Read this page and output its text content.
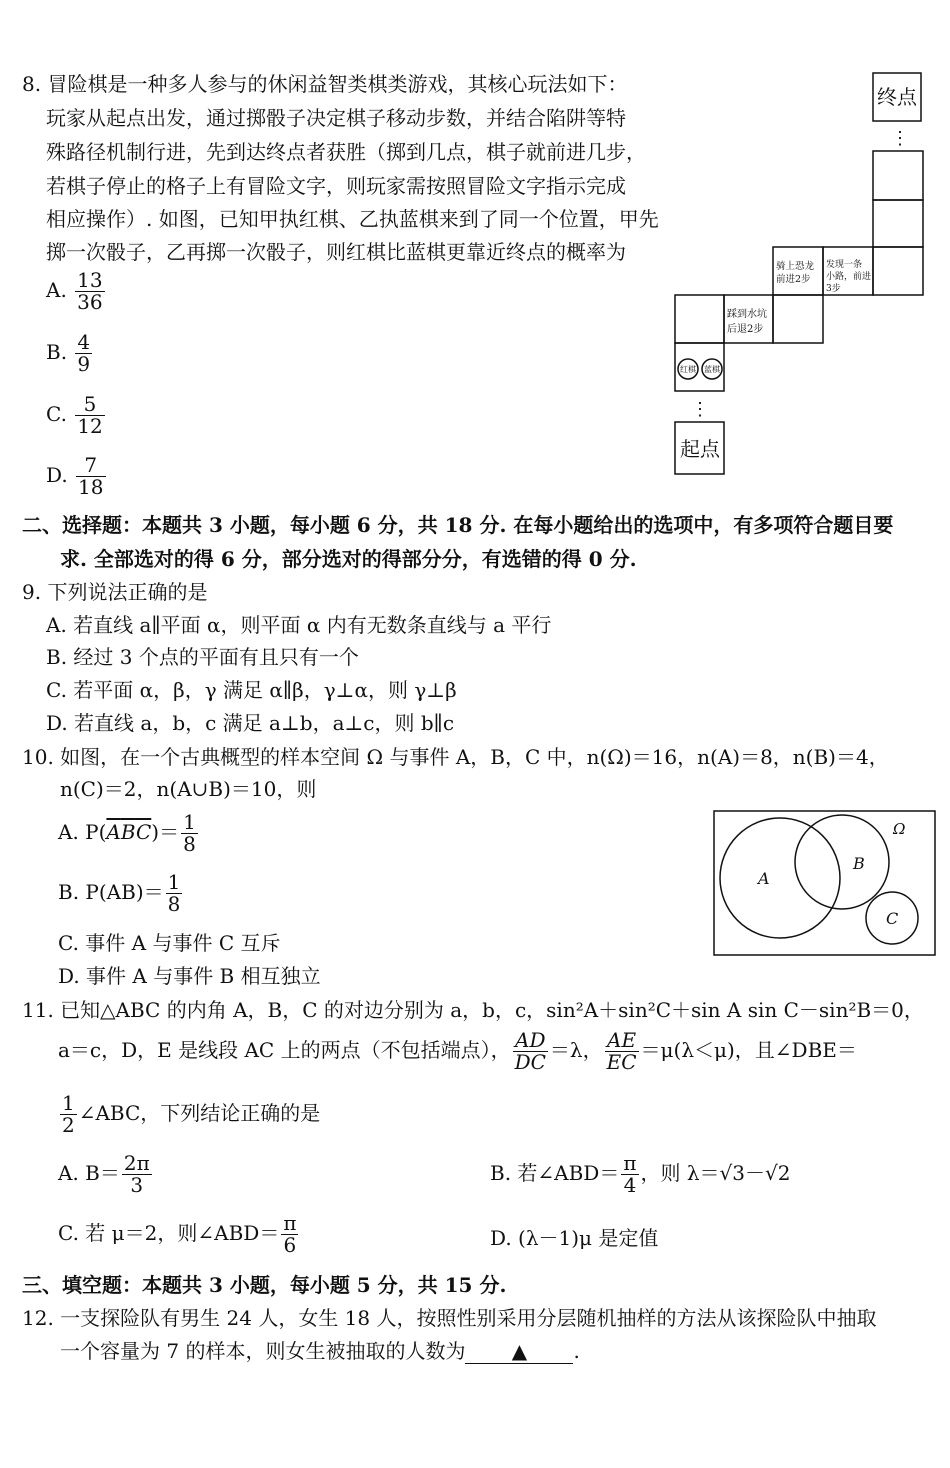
8. 冒险棋是一种多人参与的休闲益智类棋类游戏，其核心玩法如下：
玩家从起点出发，通过掷骰子决定棋子移动步数，并结合陷阱等特
殊路径机制行进，先到达终点者获胜（掷到几点，棋子就前进几步，
若棋子停止的格子上有冒险文字，则玩家需按照冒险文字指示完成
相应操作）. 如图，已知甲执红棋、乙执蓝棋来到了同一个位置，甲先
掷一次骰子，乙再掷一次骰子，则红棋比蓝棋更靠近终点的概率为
A. $\frac{13}{36}$
B. $\frac{4}{9}$
C. $\frac{5}{12}$
D. $\frac{7}{18}$
终点
⋮
⋮
起点
红棋 蓝棋
踩到水坑
后退2步
骑上恐龙
前进2步
发现一条
小路，前进
3步
二、选择题：本题共 3 小题，每小题 6 分，共 18 分. 在每小题给出的选项中，有多项符合题目要
求. 全部选对的得 6 分，部分选对的得部分分，有选错的得 0 分.
9. 下列说法正确的是
A. 若直线 a∥平面 α，则平面 α 内有无数条直线与 a 平行
B. 经过 3 个点的平面有且只有一个
C. 若平面 α，β，γ 满足 α∥β，γ⊥α，则 γ⊥β
D. 若直线 a，b，c 满足 a⊥b，a⊥c，则 b∥c
10. 如图，在一个古典概型的样本空间 Ω 与事件 A，B，C 中，n(Ω)＝16，n(A)＝8，n(B)＝4，
n(C)＝2，n(A∪B)＝10，则
A. $P(\overline{A}\overline{B}\overline{C})= \frac{1}{8}$
B. $P(AB)= \frac{1}{8}$
C. 事件 A 与事件 C 互斥
D. 事件 A 与事件 B 相互独立
Ω
A
B
C
11. 已知△ABC 的内角 A，B，C 的对边分别为 a，b，c，sin²A＋sin²C＋sin A sin C－sin²B＝0，
a＝c，D，E 是线段 AC 上的两点（不包括端点）， $\frac{AD}{DC} =\lambda$， $\frac{AE}{EC} =\mu(\lambda<\mu)$，且∠DBE＝
$\frac{1}{2}$ ∠ABC，下列结论正确的是
A. $B= \frac{2\pi}{3}$	B. 若∠ABD＝ $\frac{\pi}{4}$ ，则 λ＝√3－√2
C. 若 μ＝2，则∠ABD＝ $\frac{\pi}{6}$	D. (λ－1)μ 是定值
三、填空题：本题共 3 小题，每小题 5 分，共 15 分.
12. 一支探险队有男生 24 人，女生 18 人，按照性别采用分层随机抽样的方法从该探险队中抽取
一个容量为 7 的样本，则女生被抽取的人数为 ▲ .
